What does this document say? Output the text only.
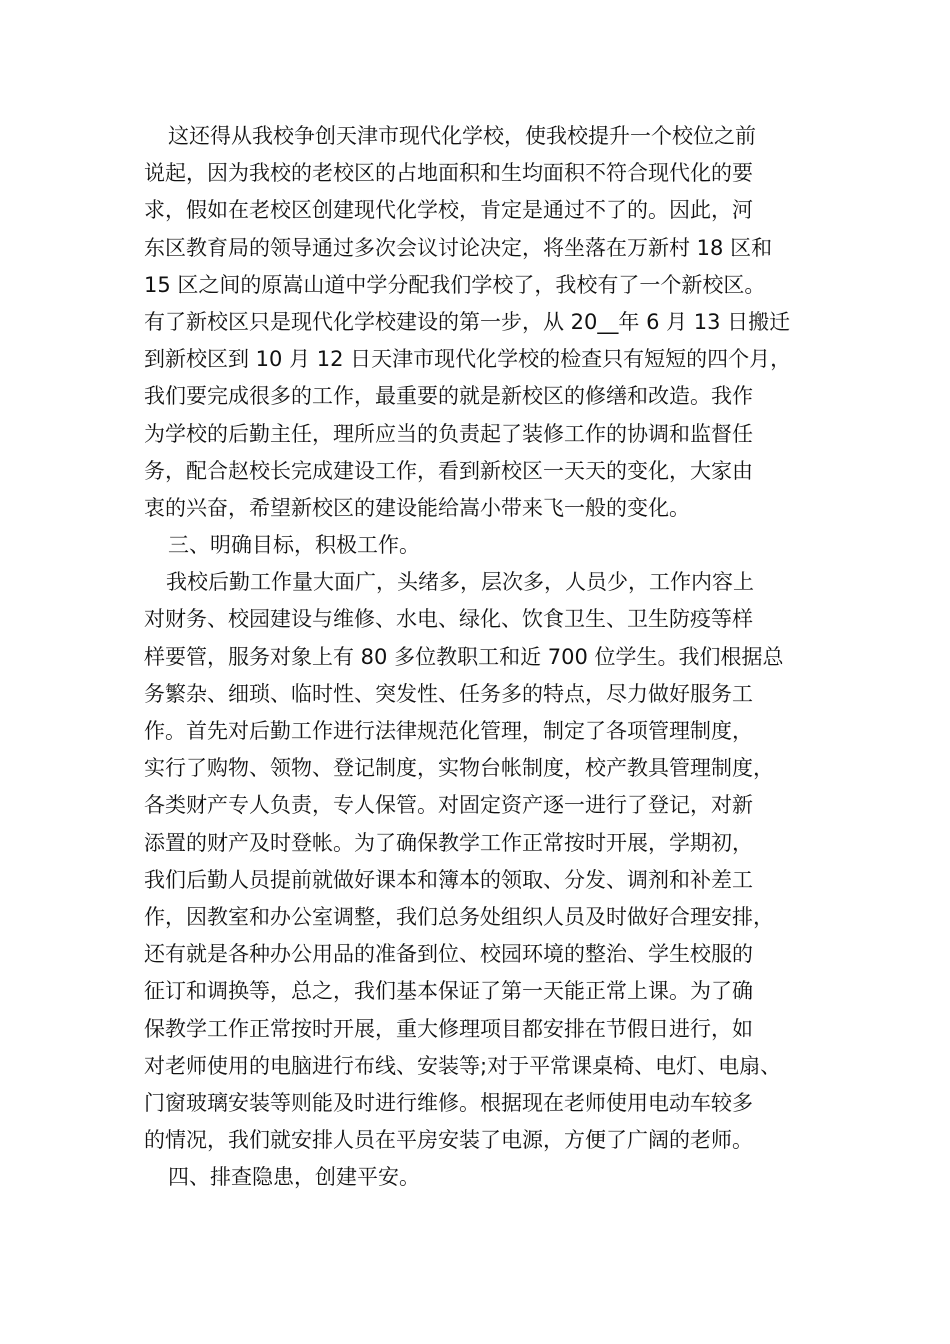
这还得从我校争创天津市现代化学校，使我校提升一个校位之前
说起，因为我校的老校区的占地面积和生均面积不符合现代化的要
求，假如在老校区创建现代化学校，肯定是通过不了的。因此，河
东区教育局的领导通过多次会议讨论决定，将坐落在万新村 18 区和
15 区之间的原嵩山道中学分配我们学校了，我校有了一个新校区。
有了新校区只是现代化学校建设的第一步，从 20__年 6 月 13 日搬迁
到新校区到 10 月 12 日天津市现代化学校的检查只有短短的四个月，
我们要完成很多的工作，最重要的就是新校区的修缮和改造。我作
为学校的后勤主任，理所应当的负责起了装修工作的协调和监督任
务，配合赵校长完成建设工作，看到新校区一天天的变化，大家由
衷的兴奋，希望新校区的建设能给嵩小带来飞一般的变化。
三、明确目标，积极工作。
我校后勤工作量大面广，头绪多，层次多，人员少，工作内容上
对财务、校园建设与维修、水电、绿化、饮食卫生、卫生防疫等样
样要管，服务对象上有 80 多位教职工和近 700 位学生。我们根据总
务繁杂、细琐、临时性、突发性、任务多的特点，尽力做好服务工
作。首先对后勤工作进行法律规范化管理，制定了各项管理制度，
实行了购物、领物、登记制度，实物台帐制度，校产教具管理制度，
各类财产专人负责，专人保管。对固定资产逐一进行了登记，对新
添置的财产及时登帐。为了确保教学工作正常按时开展，学期初，
我们后勤人员提前就做好课本和簿本的领取、分发、调剂和补差工
作，因教室和办公室调整，我们总务处组织人员及时做好合理安排，
还有就是各种办公用品的准备到位、校园环境的整治、学生校服的
征订和调换等，总之，我们基本保证了第一天能正常上课。为了确
保教学工作正常按时开展，重大修理项目都安排在节假日进行，如
对老师使用的电脑进行布线、安装等;对于平常课桌椅、电灯、电扇、
门窗玻璃安装等则能及时进行维修。根据现在老师使用电动车较多
的情况，我们就安排人员在平房安装了电源，方便了广阔的老师。
四、排查隐患，创建平安。
